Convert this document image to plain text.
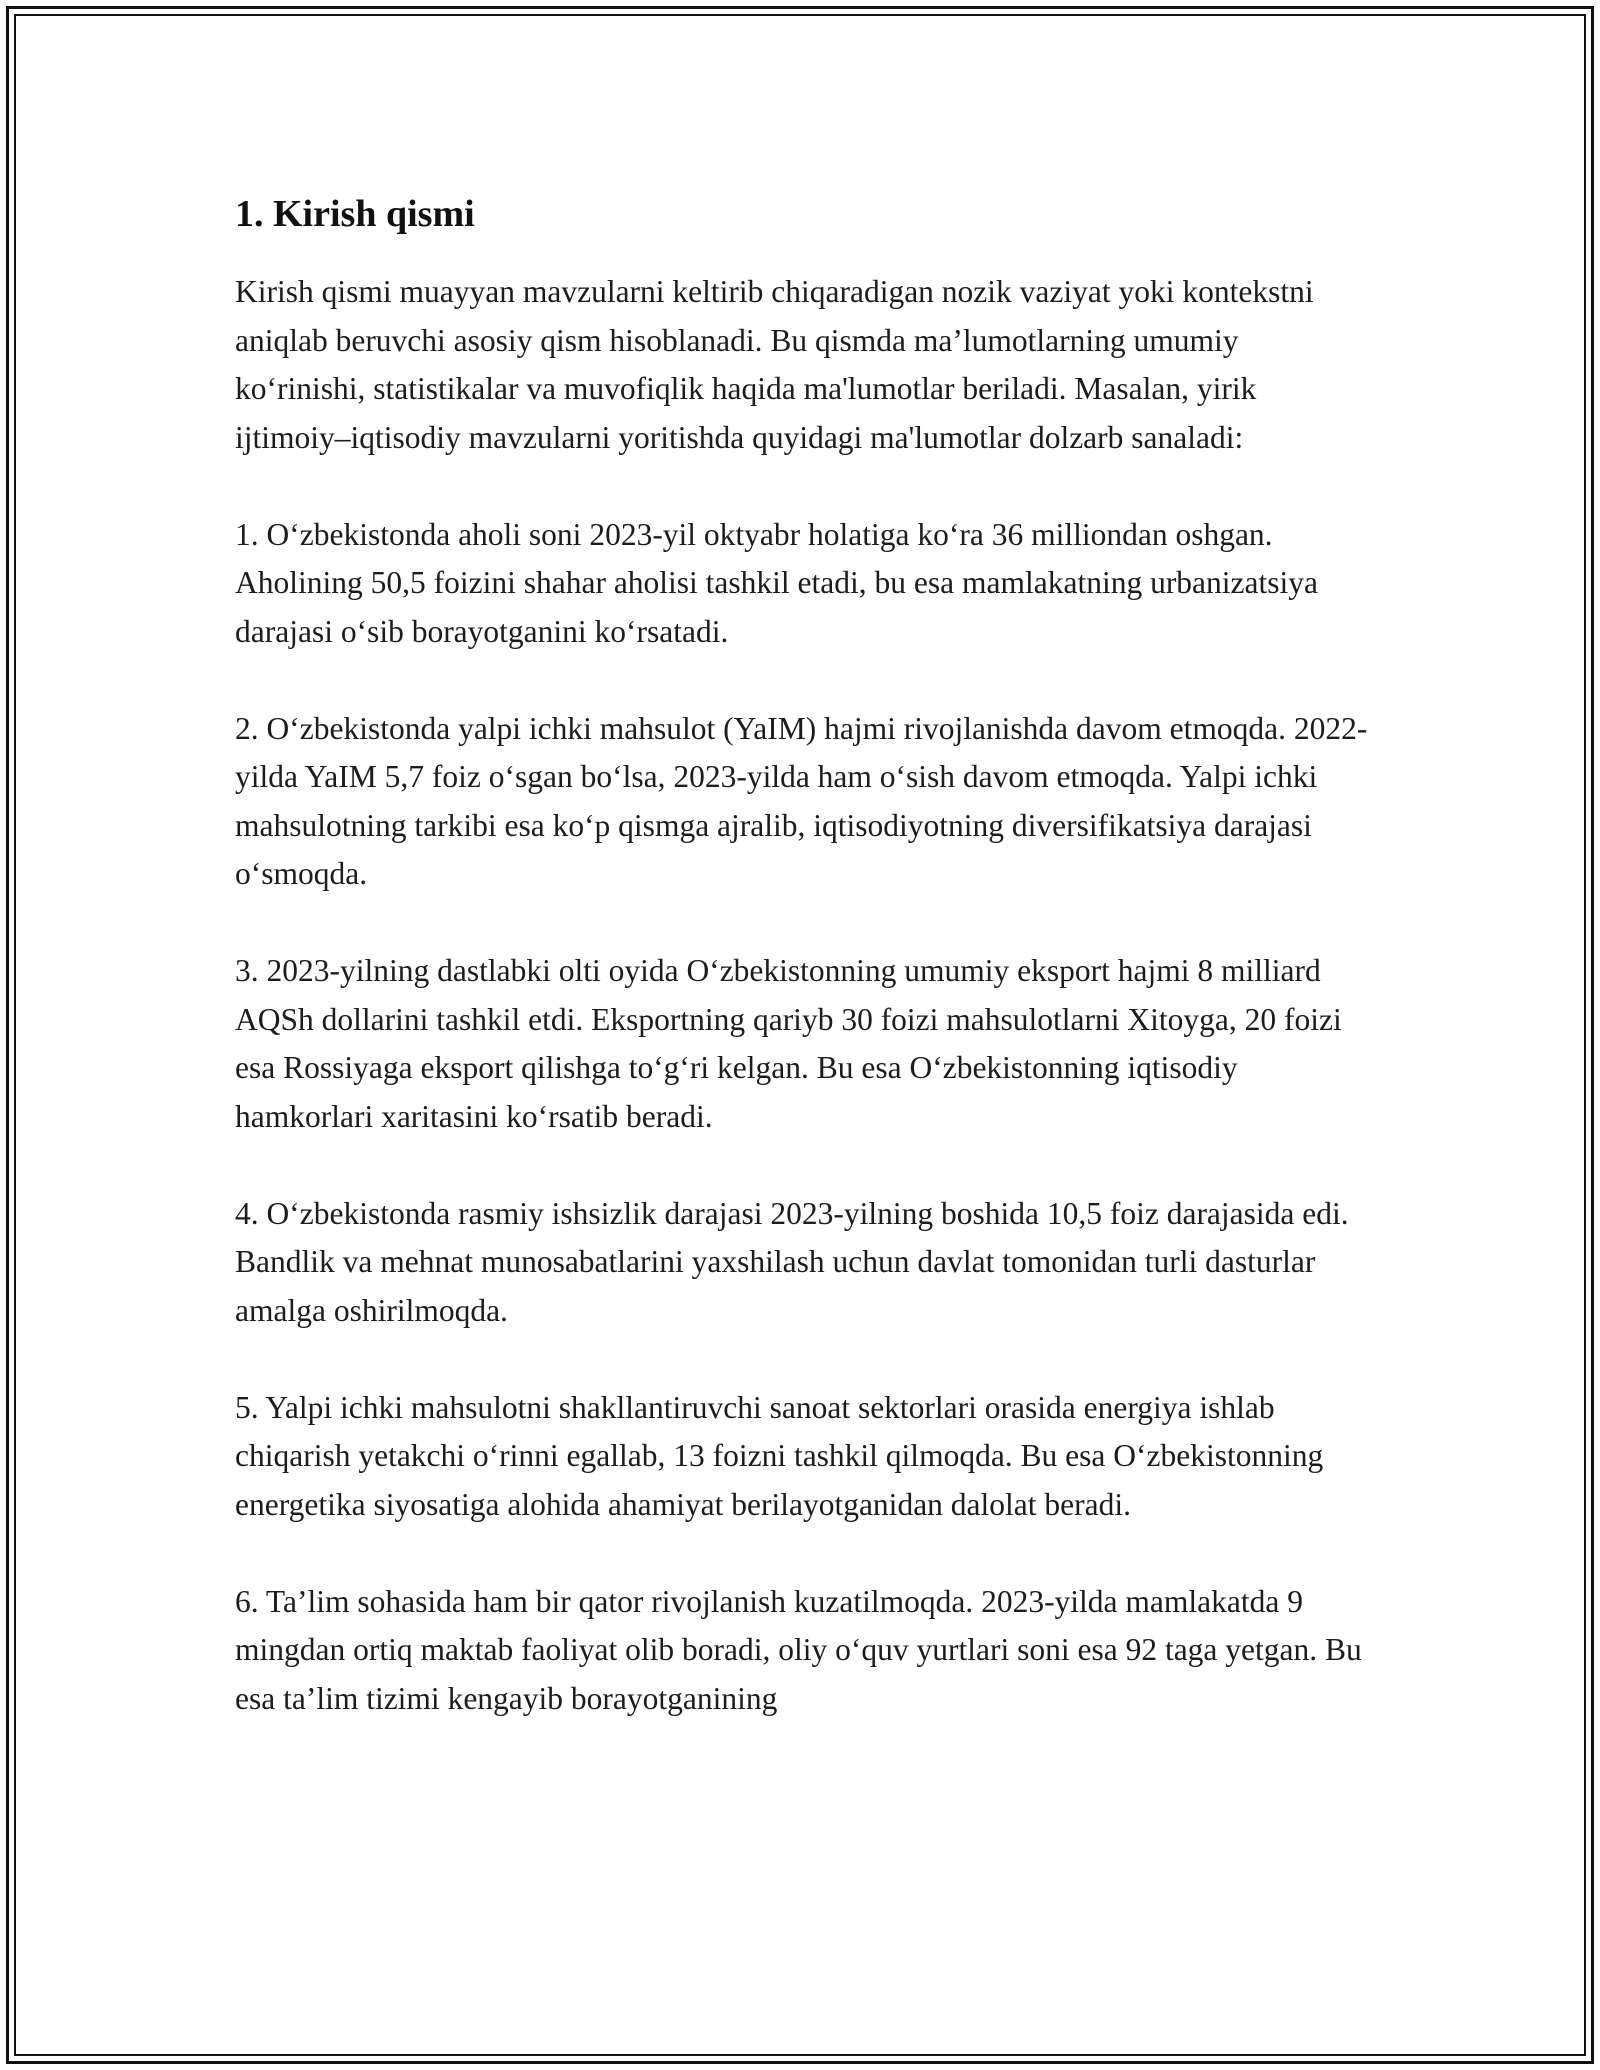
1. Kirish qismi

Kirish qismi muayyan mavzularni keltirib chiqaradigan nozik vaziyat yoki kontekstni aniqlab beruvchi asosiy qism hisoblanadi. Bu qismda ma’lumotlarning umumiy ko‘rinishi, statistikalar va muvofiqlik haqida ma'lumotlar beriladi. Masalan, yirik ijtimoiy–iqtisodiy mavzularni yoritishda quyidagi ma'lumotlar dolzarb sanaladi:

1. O‘zbekistonda aholi soni 2023-yil oktyabr holatiga ko‘ra 36 milliondan oshgan. Aholining 50,5 foizini shahar aholisi tashkil etadi, bu esa mamlakatning urbanizatsiya darajasi o‘sib borayotganini ko‘rsatadi.

2. O‘zbekistonda yalpi ichki mahsulot (YaIM) hajmi rivojlanishda davom etmoqda. 2022-yilda YaIM 5,7 foiz o‘sgan bo‘lsa, 2023-yilda ham o‘sish davom etmoqda. Yalpi ichki mahsulotning tarkibi esa ko‘p qismga ajralib, iqtisodiyotning diversifikatsiya darajasi o‘smoqda.

3. 2023-yilning dastlabki olti oyida O‘zbekistonning umumiy eksport hajmi 8 milliard AQSh dollarini tashkil etdi. Eksportning qariyb 30 foizi mahsulotlarni Xitoyga, 20 foizi esa Rossiyaga eksport qilishga to‘g‘ri kelgan. Bu esa O‘zbekistonning iqtisodiy hamkorlari xaritasini ko‘rsatib beradi.

4. O‘zbekistonda rasmiy ishsizlik darajasi 2023-yilning boshida 10,5 foiz darajasida edi. Bandlik va mehnat munosabatlarini yaxshilash uchun davlat tomonidan turli dasturlar amalga oshirilmoqda.

5. Yalpi ichki mahsulotni shakllantiruvchi sanoat sektorlari orasida energiya ishlab chiqarish yetakchi o‘rinni egallab, 13 foizni tashkil qilmoqda. Bu esa O‘zbekistonning energetika siyosatiga alohida ahamiyat berilayotganidan dalolat beradi.

6. Ta’lim sohasida ham bir qator rivojlanish kuzatilmoqda. 2023-yilda mamlakatda 9 mingdan ortiq maktab faoliyat olib boradi, oliy o‘quv yurtlari soni esa 92 taga yetgan. Bu esa ta’lim tizimi kengayib borayotganining
